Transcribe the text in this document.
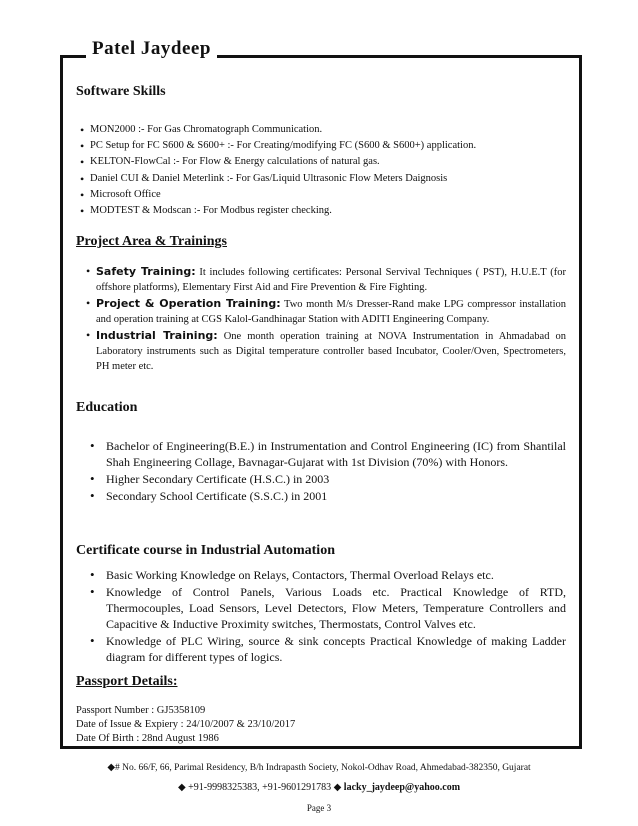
Patel Jaydeep
Software Skills
• MON2000 :- For Gas Chromatograph Communication.
• PC Setup for FC S600 & S600+ :- For Creating/modifying FC (S600 & S600+) application.
• KELTON-FlowCal :- For Flow & Energy calculations of natural gas.
• Daniel CUI & Daniel Meterlink :- For Gas/Liquid Ultrasonic Flow Meters Daignosis
• Microsoft Office
• MODTEST & Modscan :- For Modbus register checking.
Project Area & Trainings
• Safety Training: It includes following certificates: Personal Servival Techniques ( PST), H.U.E.T (for offshore platforms), Elementary First Aid and Fire Prevention & Fire Fighting.
• Project & Operation Training: Two month M/s Dresser-Rand make LPG compressor installation and operation training at CGS Kalol-Gandhinagar Station with ADITI Engineering Company.
• Industrial Training: One month operation training at NOVA Instrumentation in Ahmadabad on Laboratory instruments such as Digital temperature controller based Incubator, Cooler/Oven, Spectrometers, PH meter etc.
Education
• Bachelor of Engineering(B.E.) in Instrumentation and Control Engineering (IC) from Shantilal Shah Engineering Collage, Bavnagar-Gujarat with 1st Division (70%) with Honors.
• Higher Secondary Certificate (H.S.C.) in 2003
• Secondary School Certificate (S.S.C.) in 2001
Certificate course in Industrial Automation
• Basic Working Knowledge on Relays, Contactors, Thermal Overload Relays etc.
• Knowledge of Control Panels, Various Loads etc. Practical Knowledge of RTD, Thermocouples, Load Sensors, Level Detectors, Flow Meters, Temperature Controllers and Capacitive & Inductive Proximity switches, Thermostats, Control Valves etc.
• Knowledge of PLC Wiring, source & sink concepts Practical Knowledge of making Ladder diagram for different types of logics.
Passport Details:

Passport Number : GJ5358109

Date of Issue & Expiery : 24/10/2007 & 23/10/2017

Date Of Birth : 28nd August 1986

◆# No. 66/F, 66, Parimal Residency, B/h Indrapasth Society, Nokol-Odhav Road, Ahmedabad-382350, Gujarat
◆ +91-9998325383, +91-9601291783 ◆ lacky_jaydeep@yahoo.com
Page 3
